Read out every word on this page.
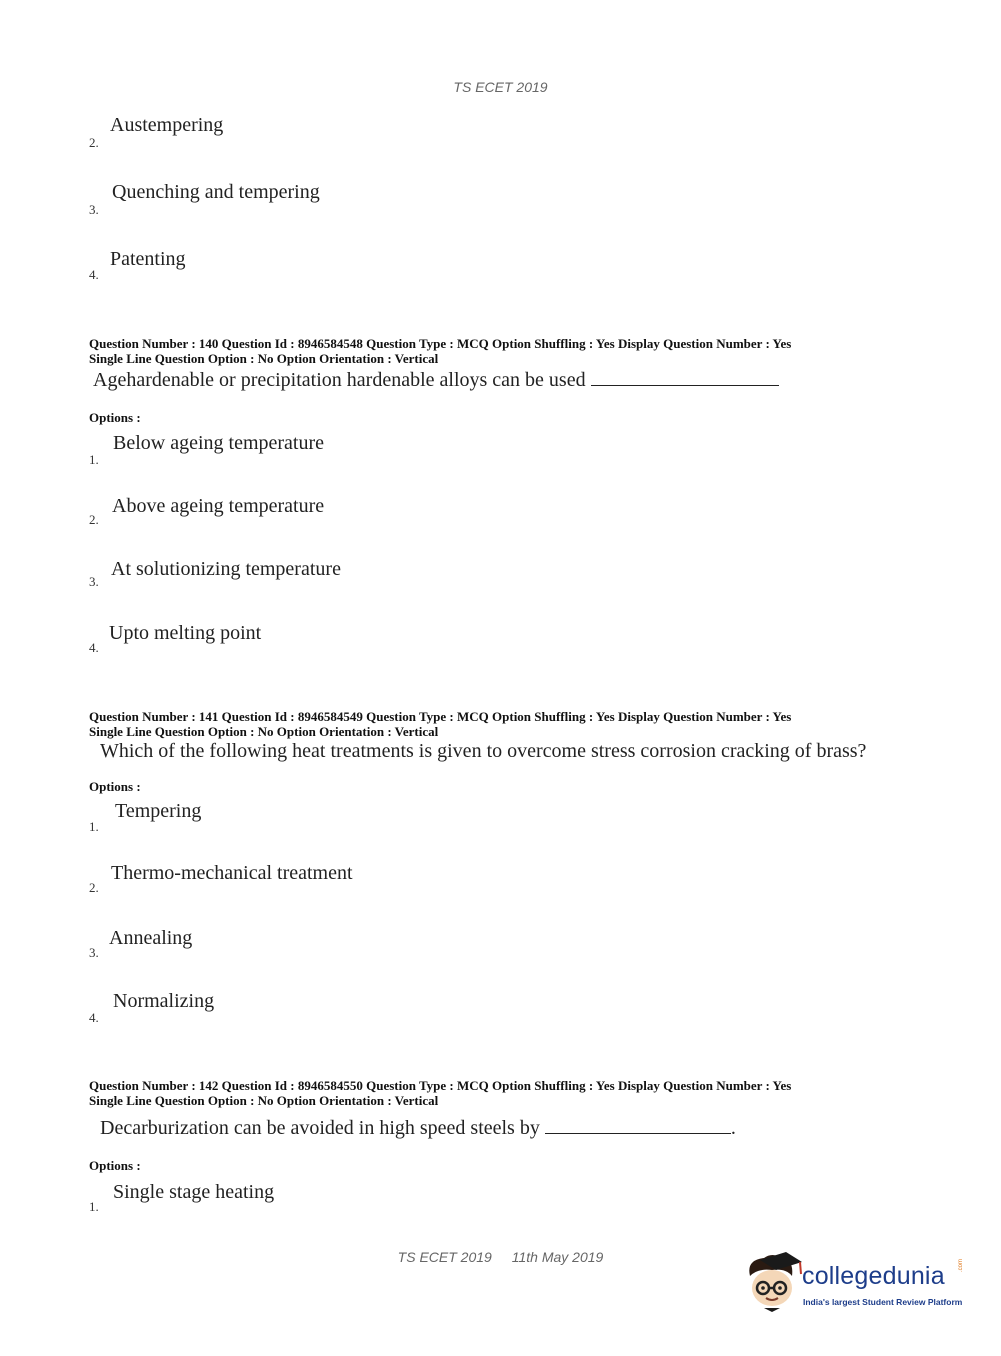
TS ECET 2019
2.
Austempering
3.
Quenching and tempering
4.
Patenting
Question Number : 140 Question Id : 8946584548 Question Type : MCQ Option Shuffling : Yes Display Question Number : Yes
Single Line Question Option : No Option Orientation : Vertical
Agehardenable or precipitation hardenable alloys can be used
Options :
1.
Below ageing temperature
2.
Above ageing temperature
3.
At solutionizing temperature
4.
Upto melting point
Question Number : 141 Question Id : 8946584549 Question Type : MCQ Option Shuffling : Yes Display Question Number : Yes
Single Line Question Option : No Option Orientation : Vertical
Which of the following heat treatments is given to overcome stress corrosion cracking of brass?
Options :
1.
Tempering
2.
Thermo-mechanical treatment
3.
Annealing
4.
Normalizing
Question Number : 142 Question Id : 8946584550 Question Type : MCQ Option Shuffling : Yes Display Question Number : Yes
Single Line Question Option : No Option Orientation : Vertical
Decarburization can be avoided in high speed steels by	.
Options :
1.
Single stage heating
TS ECET 2019 11th May 2019
collegedunia
India's largest Student Review Platform
.com
